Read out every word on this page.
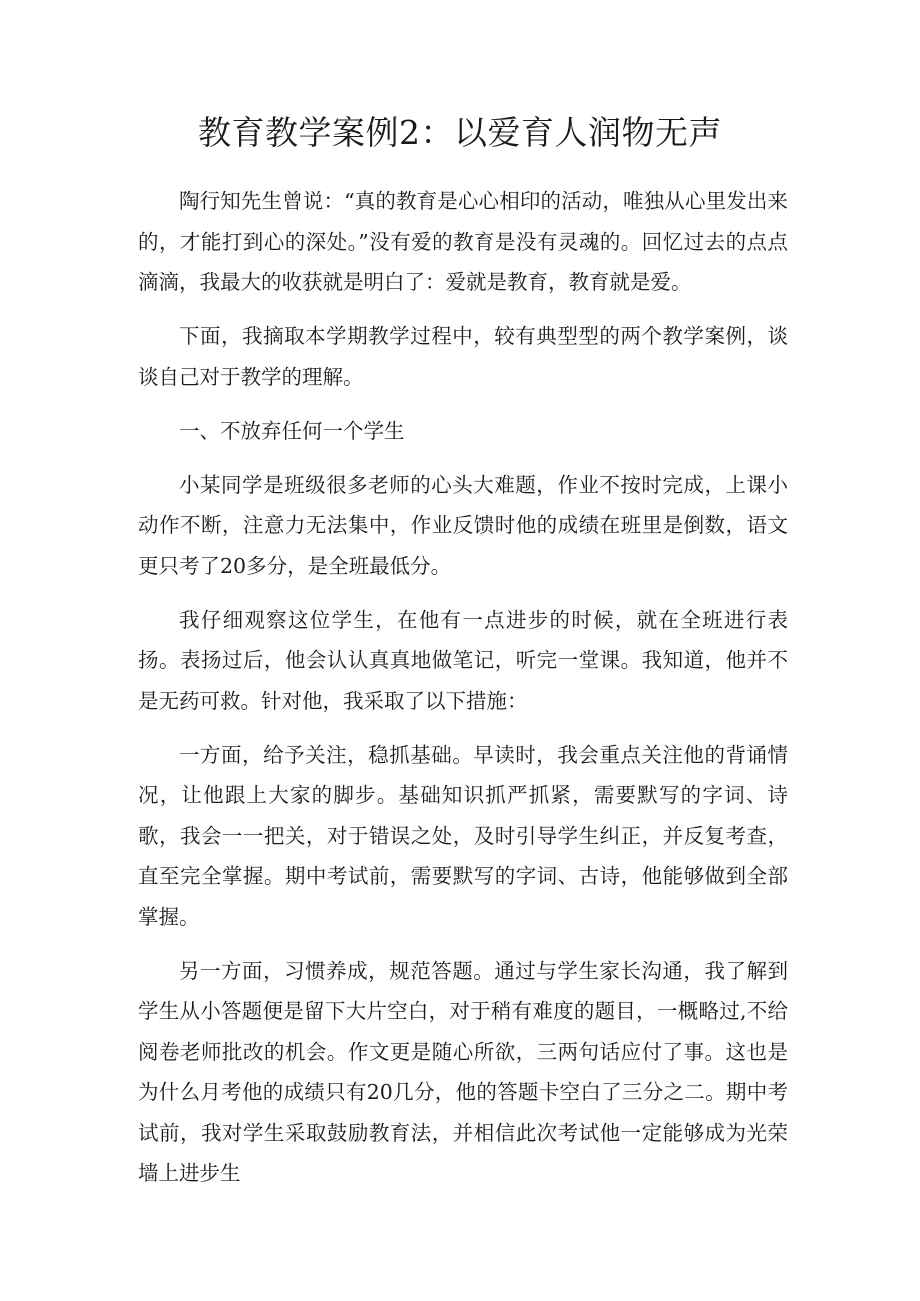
教育教学案例2：以爱育人润物无声

陶行知先生曾说：“真的教育是心心相印的活动，唯独从心里发出来的，才能打到心的深处。”没有爱的教育是没有灵魂的。回忆过去的点点滴滴，我最大的收获就是明白了：爱就是教育，教育就是爱。

下面，我摘取本学期教学过程中，较有典型型的两个教学案例，谈谈自己对于教学的理解。

一、不放弃任何一个学生

小某同学是班级很多老师的心头大难题，作业不按时完成，上课小动作不断，注意力无法集中，作业反馈时他的成绩在班里是倒数，语文更只考了20多分，是全班最低分。

我仔细观察这位学生，在他有一点进步的时候，就在全班进行表扬。表扬过后，他会认认真真地做笔记，听完一堂课。我知道，他并不是无药可救。针对他，我采取了以下措施：

一方面，给予关注，稳抓基础。早读时，我会重点关注他的背诵情况，让他跟上大家的脚步。基础知识抓严抓紧，需要默写的字词、诗歌，我会一一把关，对于错误之处，及时引导学生纠正，并反复考查，直至完全掌握。期中考试前，需要默写的字词、古诗，他能够做到全部掌握。

另一方面，习惯养成，规范答题。通过与学生家长沟通，我了解到学生从小答题便是留下大片空白，对于稍有难度的题目，一概略过,不给阅卷老师批改的机会。作文更是随心所欲，三两句话应付了事。这也是为什么月考他的成绩只有20几分，他的答题卡空白了三分之二。期中考试前，我对学生采取鼓励教育法，并相信此次考试他一定能够成为光荣墙上进步生
